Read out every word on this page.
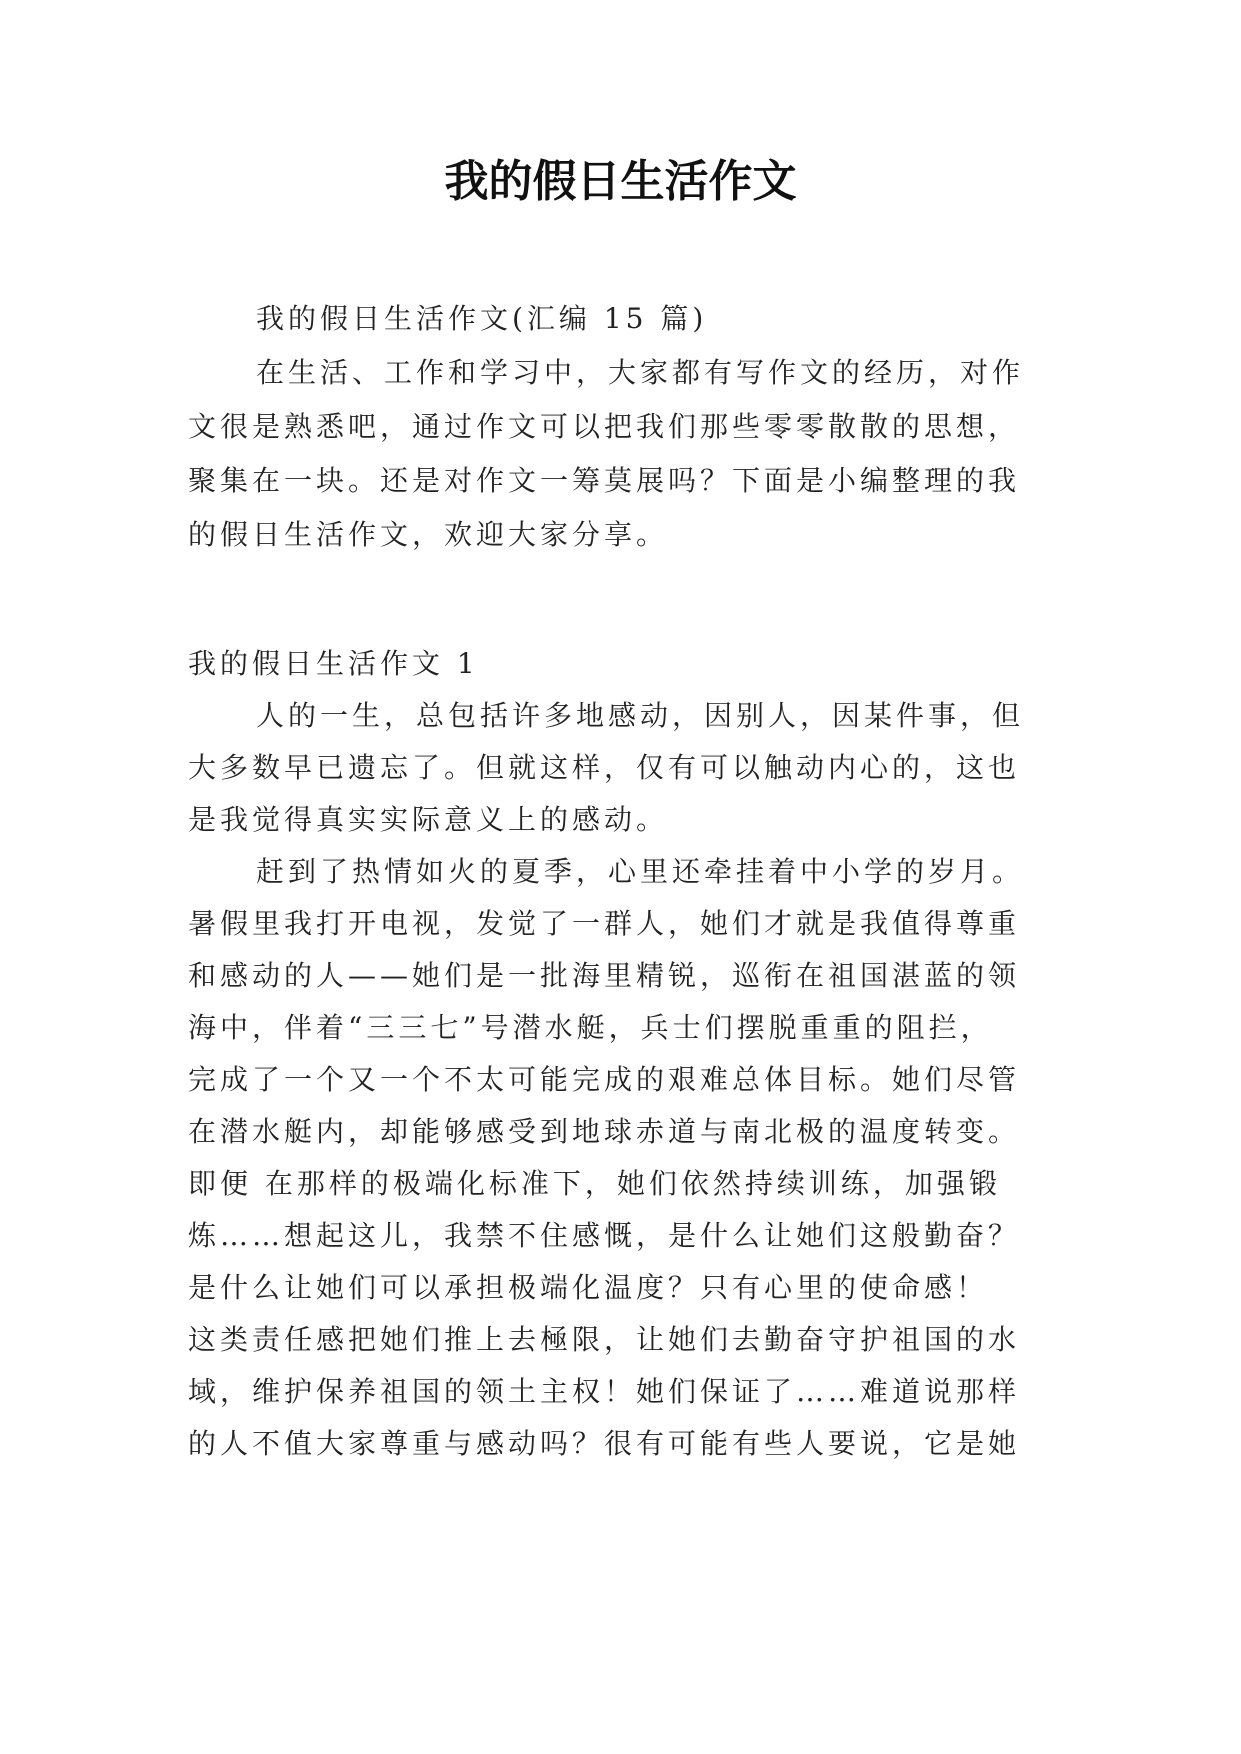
我的假日生活作文

我的假日生活作文(汇编 15 篇)

在生活、工作和学习中，大家都有写作文的经历，对作

文很是熟悉吧，通过作文可以把我们那些零零散散的思想，

聚集在一块。还是对作文一筹莫展吗？下面是小编整理的我

的假日生活作文，欢迎大家分享。

我的假日生活作文 1

人的一生，总包括许多地感动，因别人，因某件事，但

大多数早已遗忘了。但就这样，仅有可以触动内心的，这也

是我觉得真实实际意义上的感动。

赶到了热情如火的夏季，心里还牵挂着中小学的岁月。

暑假里我打开电视，发觉了一群人，她们才就是我值得尊重

和感动的人——她们是一批海里精锐，巡衔在祖国湛蓝的领

海中，伴着“三三七”号潜水艇，兵士们摆脱重重的阻拦，

完成了一个又一个不太可能完成的艰难总体目标。她们尽管

在潜水艇内，却能够感受到地球赤道与南北极的温度转变。

即便 在那样的极端化标准下，她们依然持续训练，加强锻

炼……想起这儿，我禁不住感慨，是什么让她们这般勤奋？

是什么让她们可以承担极端化温度？只有心里的使命感！

这类责任感把她们推上去極限，让她们去勤奋守护祖国的水

域，维护保养祖国的领土主权！她们保证了……难道说那样

的人不值大家尊重与感动吗？很有可能有些人要说，它是她
